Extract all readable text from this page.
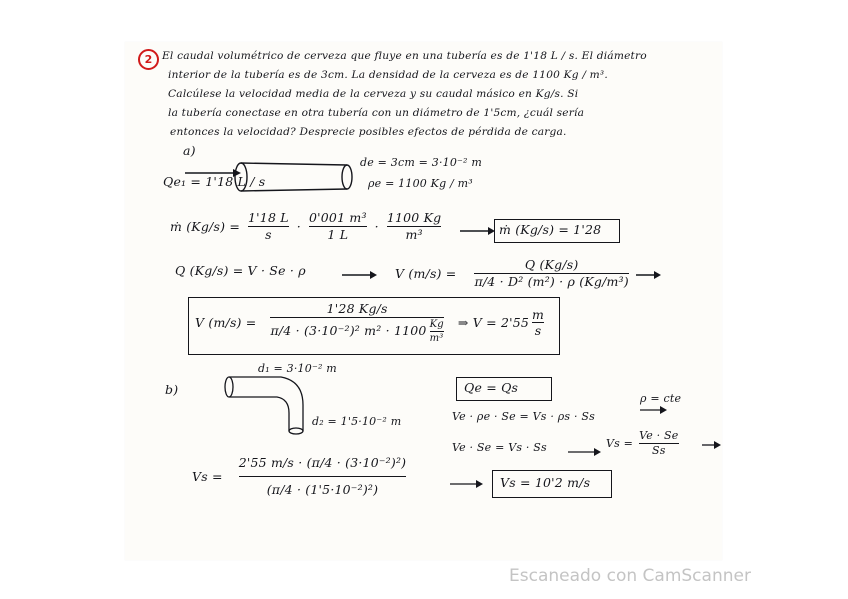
2 El caudal volumétrico de cerveza que fluye en una tubería es de 1'18 L / s. El diámetro
interior de la tubería es de 3cm. La densidad de la cerveza es de 1100 Kg / m³.
Calcúlese la velocidad media de la cerveza y su caudal másico en Kg/s. Si
la tubería conectase en otra tubería con un diámetro de 1'5cm, ¿cuál sería
entonces la velocidad? Desprecie posibles efectos de pérdida de carga.
a)
Qe₁ = 1'18 L / s
de = 3cm = 3·10⁻² m
ρe = 1100 Kg / m³
ṁ $(Kg/s) = \frac{1'18 L}{s} \cdot \frac{\text{0'001 m³}}{1 L} \cdot \frac{1100 Kg}{\text{m³}}$	ṁ (Kg/s) = 1'28
Q (Kg/s) = V · Se · ρ	V $(m/s) = \frac{Q (Kg/s)}{\text{π/4 · D² (m²) · ρ (Kg/m³)}}$
V (m/s) =
1'28 Kg/s
π/4 · (3·10⁻²)² $m^2 \cdot 1100 \frac{Kg}{\text{m³}}$ ⇒ $V = 2'55 \frac{m}{s}$
b)
d₁ = 3·10⁻² m
d₂ = 1'5·10⁻² m
Qe = Qs
ρ = cte
Ve · ρe · Se = Vs · ρs · Ss
Ve · Se = Vs · Ss	$Vs = \frac{Ve \cdot Se}{Ss}$
$Vs = \frac{\text{2'55 m/s · (π/4 · (3·10⁻²)²)}}{\text{(π/4 · (1'5·10⁻²)²)}}$	Vs = 10'2 m/s
Escaneado con CamScanner
